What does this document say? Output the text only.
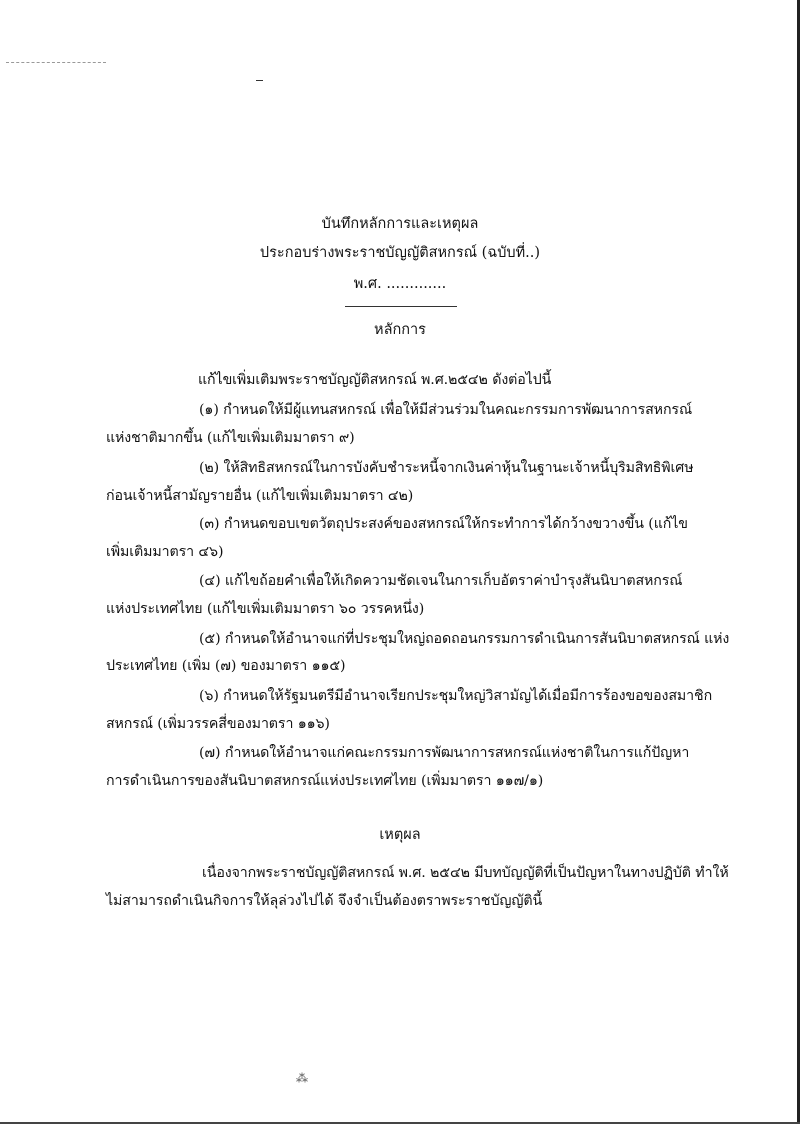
บันทึกหลักการและเหตุผล
ประกอบร่างพระราชบัญญัติสหกรณ์ (ฉบับที่..)
พ.ศ. .............
หลักการ
แก้ไขเพิ่มเติมพระราชบัญญัติสหกรณ์ พ.ศ.๒๕๔๒ ดังต่อไปนี้
(๑) กำหนดให้มีผู้แทนสหกรณ์ เพื่อให้มีส่วนร่วมในคณะกรรมการพัฒนาการสหกรณ์
แห่งชาติมากขึ้น (แก้ไขเพิ่มเติมมาตรา ๙)
(๒) ให้สิทธิสหกรณ์ในการบังคับชำระหนี้จากเงินค่าหุ้นในฐานะเจ้าหนี้บุริมสิทธิพิเศษ
ก่อนเจ้าหนี้สามัญรายอื่น (แก้ไขเพิ่มเติมมาตรา ๔๒)
(๓) กำหนดขอบเขตวัตถุประสงค์ของสหกรณ์ให้กระทำการได้กว้างขวางขึ้น (แก้ไข
เพิ่มเติมมาตรา ๔๖)
(๔) แก้ไขถ้อยคำเพื่อให้เกิดความชัดเจนในการเก็บอัตราค่าบำรุงสันนิบาตสหกรณ์
แห่งประเทศไทย (แก้ไขเพิ่มเติมมาตรา ๖๐ วรรคหนึ่ง)
(๕) กำหนดให้อำนาจแก่ที่ประชุมใหญ่ถอดถอนกรรมการดำเนินการสันนิบาตสหกรณ์ แห่ง
ประเทศไทย (เพิ่ม (๗) ของมาตรา ๑๑๕)
(๖) กำหนดให้รัฐมนตรีมีอำนาจเรียกประชุมใหญ่วิสามัญได้เมื่อมีการร้องขอของสมาชิก
สหกรณ์ (เพิ่มวรรคสี่ของมาตรา ๑๑๖)
(๗) กำหนดให้อำนาจแก่คณะกรรมการพัฒนาการสหกรณ์แห่งชาติในการแก้ปัญหา
การดำเนินการของสันนิบาตสหกรณ์แห่งประเทศไทย (เพิ่มมาตรา ๑๑๗/๑)
เหตุผล
เนื่องจากพระราชบัญญัติสหกรณ์ พ.ศ. ๒๕๔๒ มีบทบัญญัติที่เป็นปัญหาในทางปฏิบัติ ทำให้
ไม่สามารถดำเนินกิจการให้ลุล่วงไปได้ จึงจำเป็นต้องตราพระราชบัญญัตินี้
⁂
